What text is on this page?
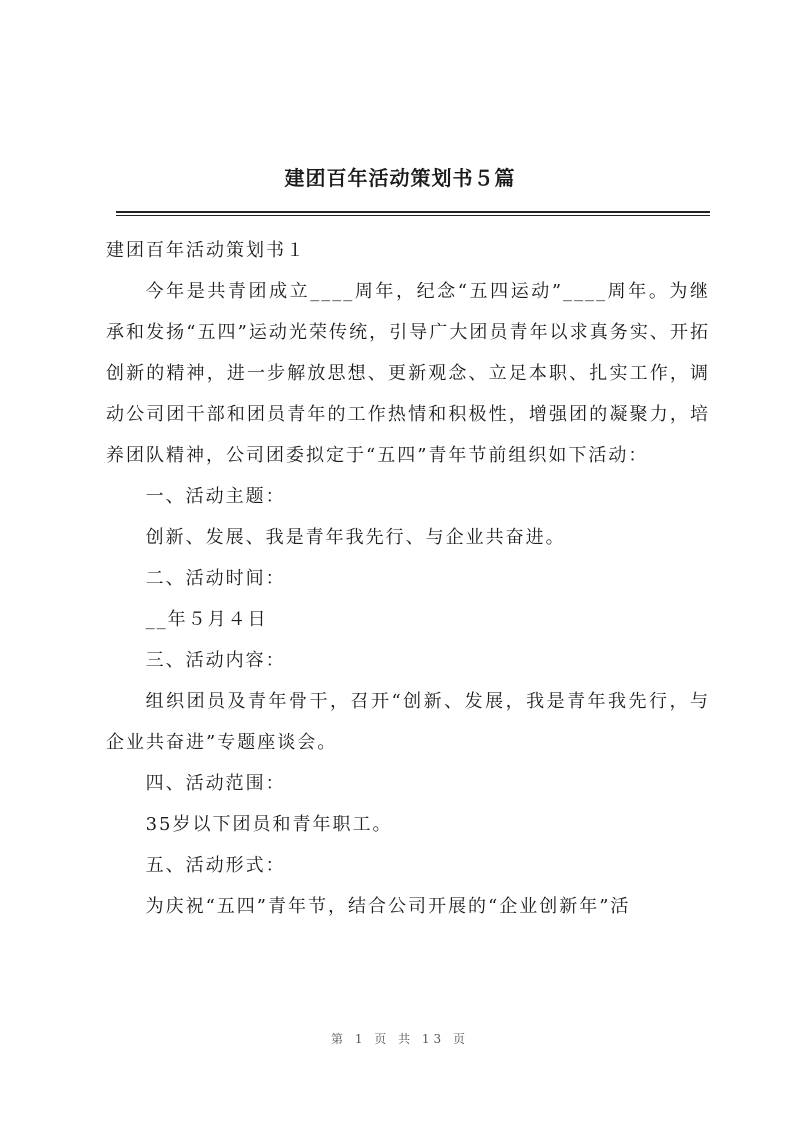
建团百年活动策划书５篇

建团百年活动策划书１

今年是共青团成立____周年，纪念“五四运动”____周年。为继承和发扬“五四”运动光荣传统，引导广大团员青年以求真务实、开拓创新的精神，进一步解放思想、更新观念、立足本职、扎实工作，调动公司团干部和团员青年的工作热情和积极性，增强团的凝聚力，培养团队精神，公司团委拟定于“五四”青年节前组织如下活动：

一、活动主题：

创新、发展、我是青年我先行、与企业共奋进。

二、活动时间：

__年５月４日

三、活动内容：

组织团员及青年骨干，召开“创新、发展，我是青年我先行，与企业共奋进”专题座谈会。

四、活动范围：

35岁以下团员和青年职工。

五、活动形式：

为庆祝“五四”青年节，结合公司开展的“企业创新年”活

第 1 页 共 13 页
